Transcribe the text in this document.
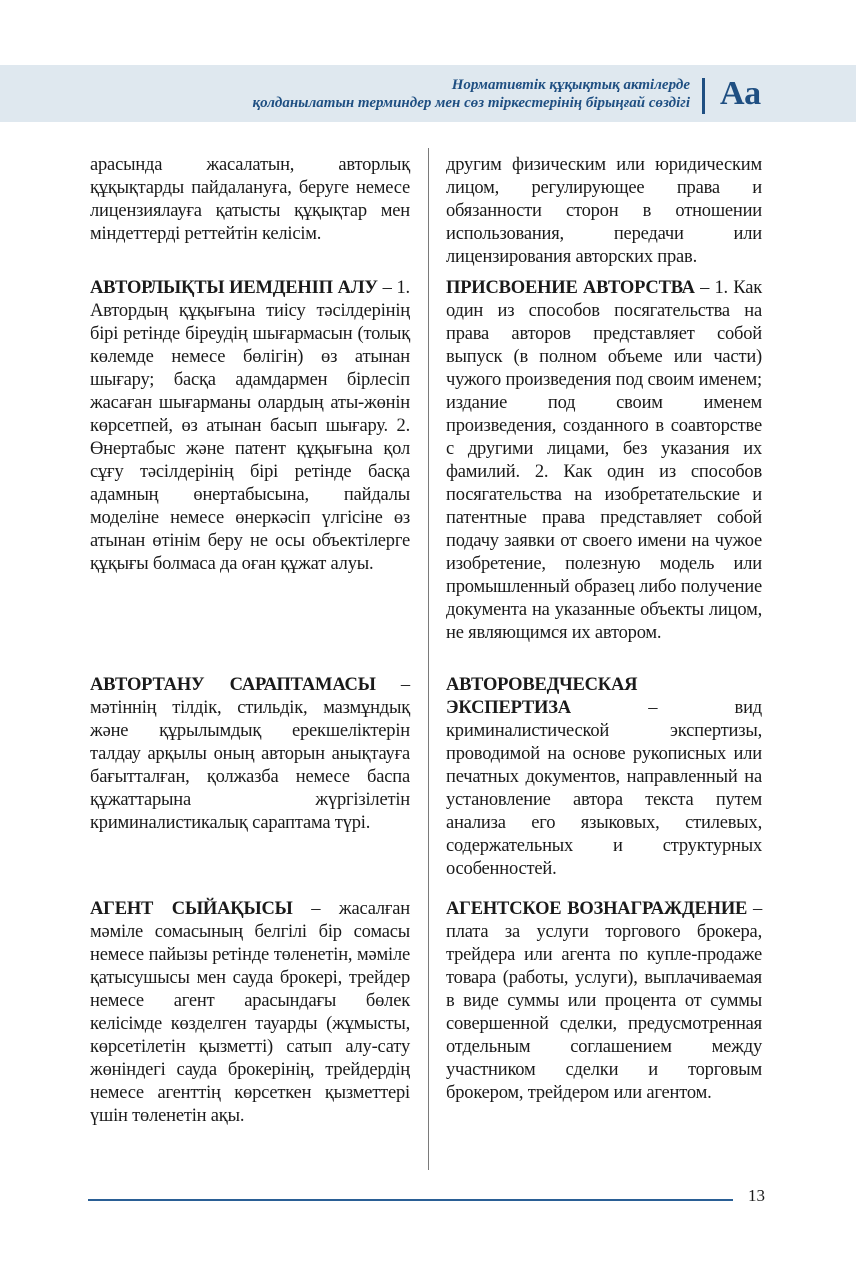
Нормативтік құқықтық актілерде
қолданылатын терминдер мен сөз тіркестерінің бірыңғай сөздігі Аа

арасында жасалатын, авторлық құқықтарды пайдалануға, беруге немесе лицензиялауға қатысты құқықтар мен міндеттерді реттейтін келісім.

АВТОРЛЫҚТЫ ИЕМДЕНІП АЛУ – 1. Автордың құқығына тиісу тәсілдерінің бірі ретінде біреудің шығармасын (толық көлемде немесе бөлігін) өз атынан шығару; басқа адамдармен бірлесіп жасаған шығарманы олардың аты-жөнін көрсетпей, өз атынан басып шығару. 2. Өнертабыс және патент құқығына қол сұғу тәсілдерінің бірі ретінде басқа адамның өнертабысына, пайдалы моделіне немесе өнеркәсіп үлгісіне өз атынан өтінім беру не осы объектілерге құқығы болмаса да оған құжат алуы.

АВТОРТАНУ САРАПТАМАСЫ – мәтіннің тілдік, стильдік, мазмұндық және құрылымдық ерекшеліктерін талдау арқылы оның авторын анықтауға бағытталған, қолжазба немесе баспа құжаттарына жүргізілетін криминалистикалық сараптама түрі.

АГЕНТ СЫЙАҚЫСЫ – жасалған мәміле сомасының белгілі бір сомасы немесе пайызы ретінде төленетін, мәміле қатысушысы мен сауда брокері, трейдер немесе агент арасындағы бөлек келісімде көзделген тауарды (жұмысты, көрсетілетін қызметті) сатып алу-сату жөніндегі сауда брокерінің, трейдердің немесе агенттің көрсеткен қызметтері үшін төленетін ақы.

другим физическим или юридическим лицом, регулирующее права и обязанности сторон в отношении использования, передачи или лицензирования авторских прав.

ПРИСВОЕНИЕ АВТОРСТВА – 1. Как один из способов посягательства на права авторов представляет собой выпуск (в полном объеме или части) чужого произведения под своим именем; издание под своим именем произведения, созданного в соавторстве с другими лицами, без указания их фамилий. 2. Как один из способов посягательства на изобретательские и патентные права представляет собой подачу заявки от своего имени на чужое изобретение, полезную модель или промышленный образец либо получение документа на указанные объекты лицом, не являющимся их автором.

АВТОРОВЕДЧЕСКАЯ ЭКСПЕРТИЗА – вид криминалистической экспертизы, проводимой на основе рукописных или печатных документов, направленный на установление автора текста путем анализа его языковых, стилевых, содержательных и структурных особенностей.

АГЕНТСКОЕ ВОЗНАГРАЖДЕНИЕ – плата за услуги торгового брокера, трейдера или агента по купле-продаже товара (работы, услуги), выплачиваемая в виде суммы или процента от суммы совершенной сделки, предусмотренная отдельным соглашением между участником сделки и торговым брокером, трейдером или агентом.

13
